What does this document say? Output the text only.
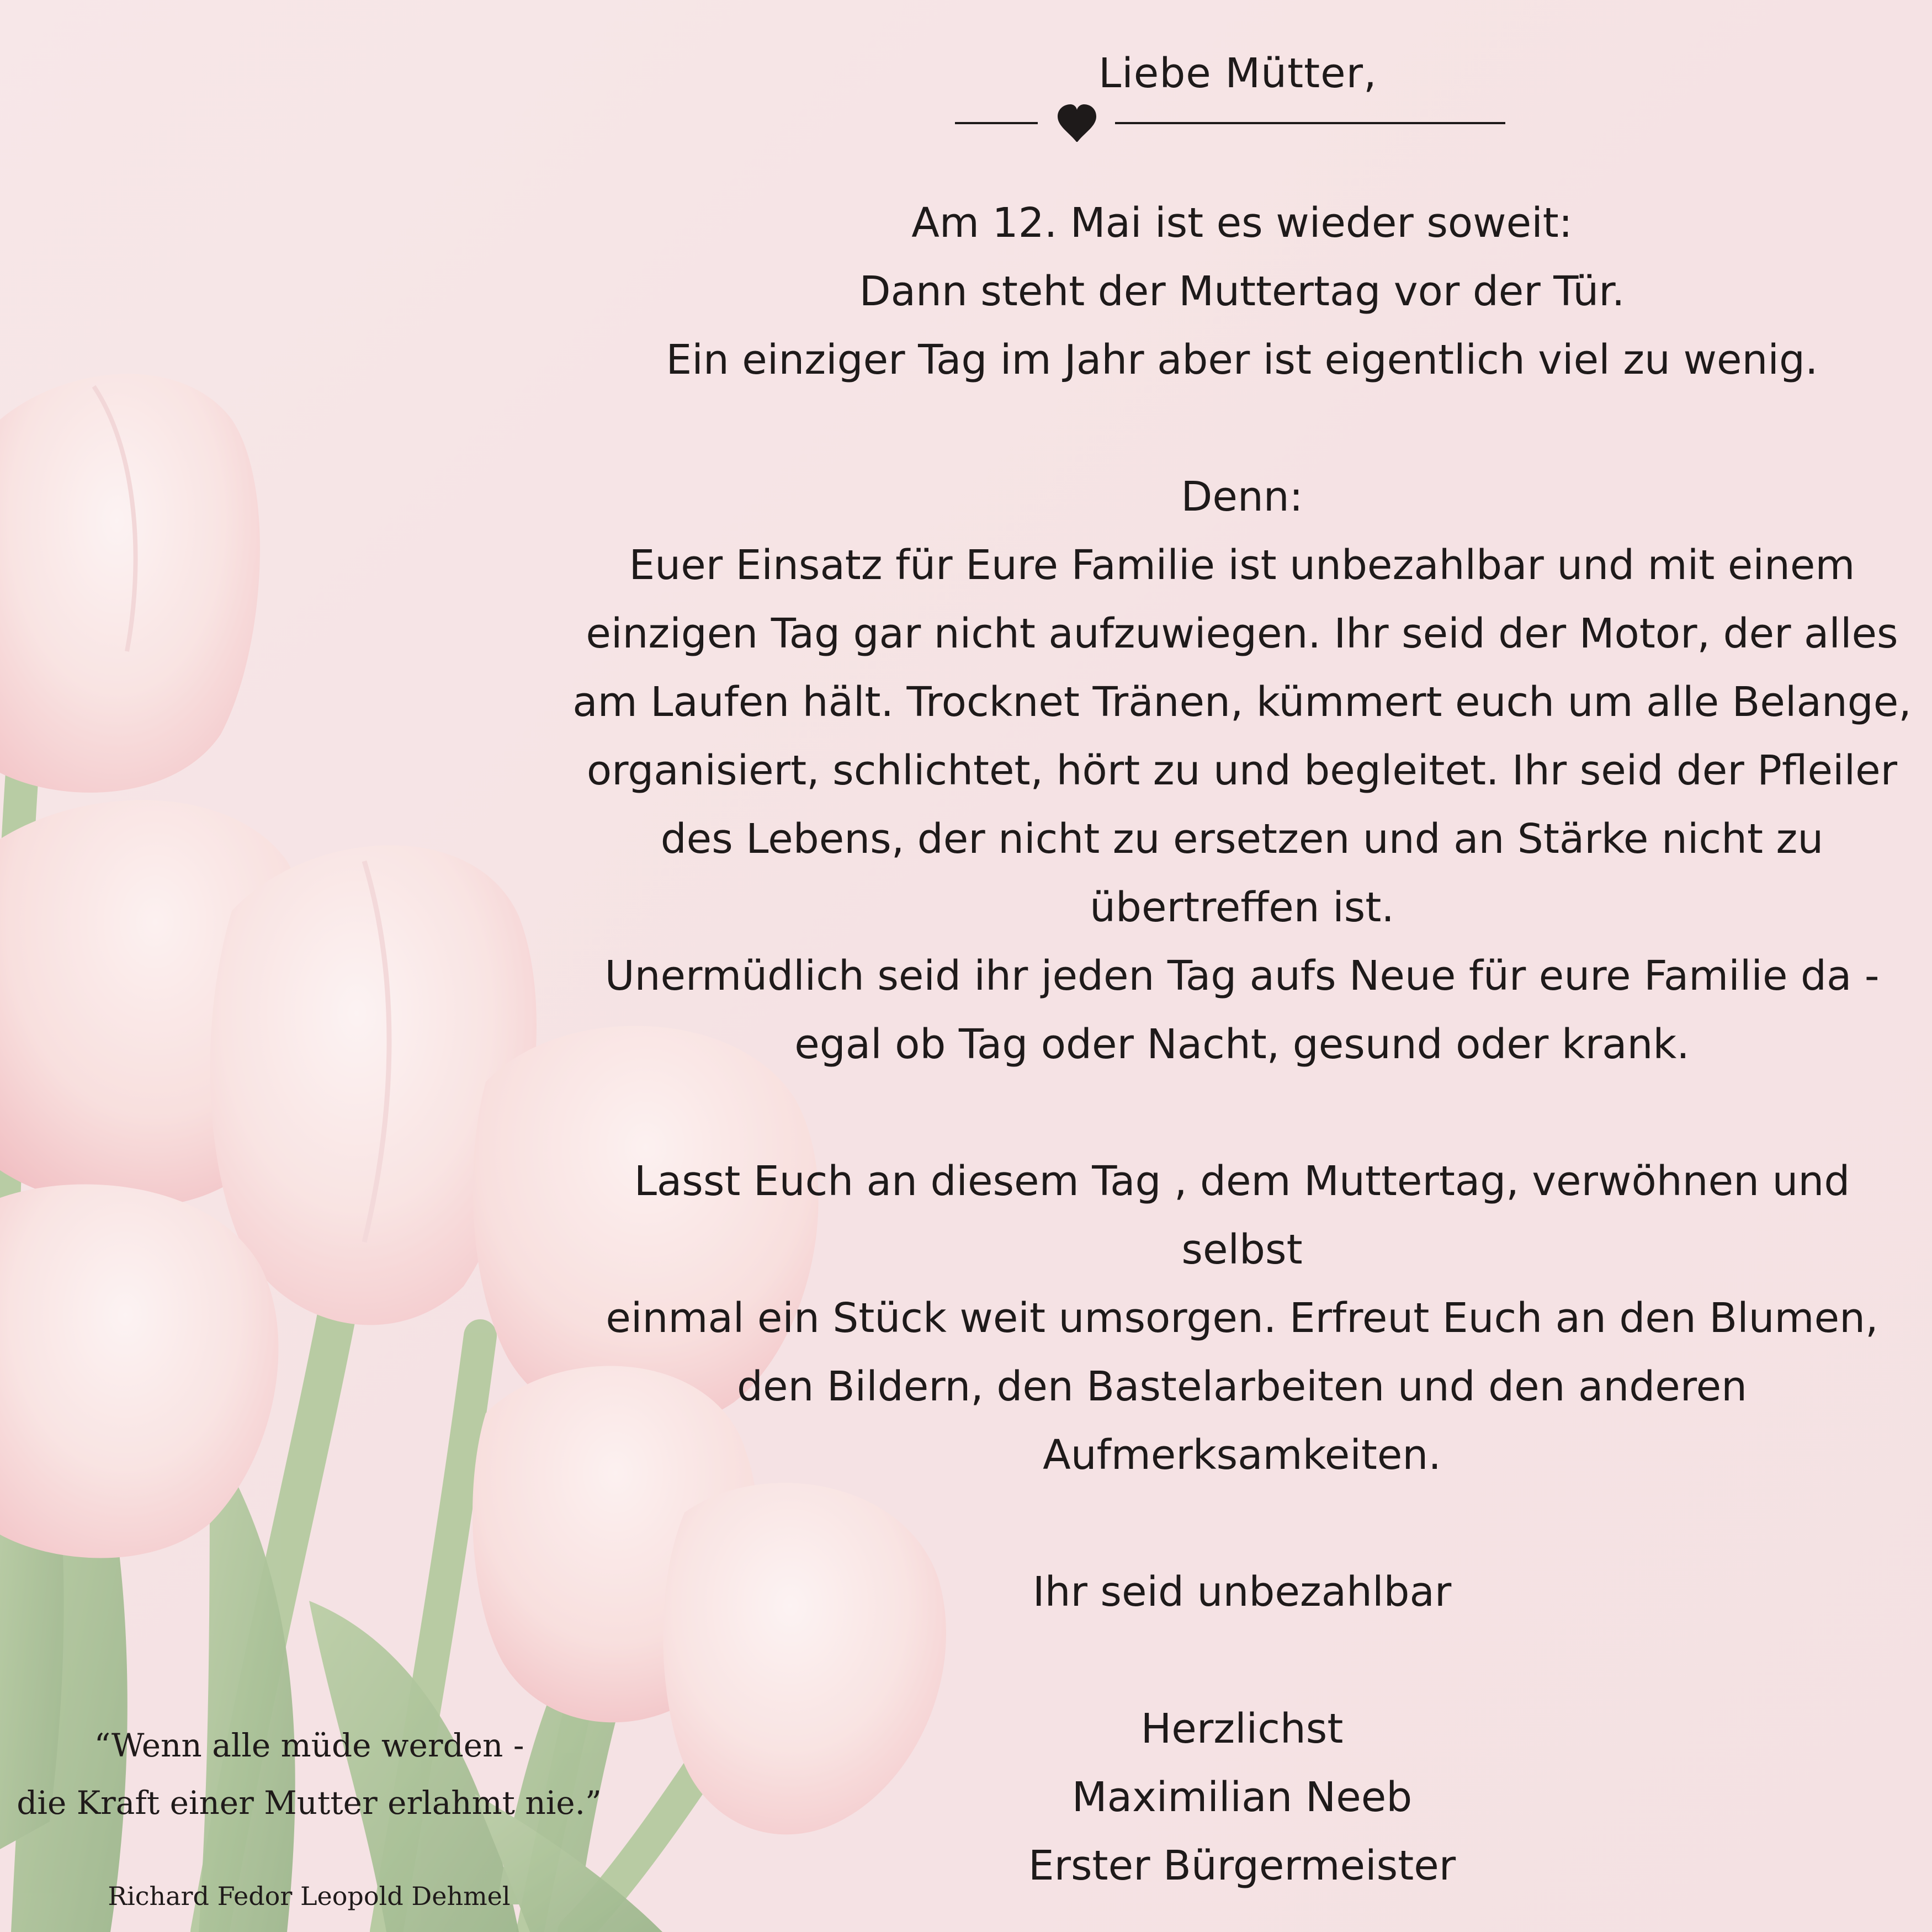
Liebe Mütter,

Am 12. Mai ist es wieder soweit:

Dann steht der Muttertag vor der Tür.

Ein einziger Tag im Jahr aber ist eigentlich viel zu wenig.

Denn:

Euer Einsatz für Eure Familie ist unbezahlbar und mit einem

einzigen Tag gar nicht aufzuwiegen. Ihr seid der Motor, der alles

am Laufen hält. Trocknet Tränen, kümmert euch um alle Belange,

organisiert, schlichtet, hört zu und begleitet. Ihr seid der Pfleiler

des Lebens, der nicht zu ersetzen und an Stärke nicht zu

übertreffen ist.

Unermüdlich seid ihr jeden Tag aufs Neue für eure Familie da -

egal ob Tag oder Nacht, gesund oder krank.

Lasst Euch an diesem Tag , dem Muttertag, verwöhnen und selbst

einmal ein Stück weit umsorgen. Erfreut Euch an den Blumen,

den Bildern, den Bastelarbeiten und den anderen

Aufmerksamkeiten.

Ihr seid unbezahlbar

Herzlichst

Maximilian Neeb

Erster Bürgermeister

“Wenn alle müde werden -

die Kraft einer Mutter erlahmt nie.”

Richard Fedor Leopold Dehmel
